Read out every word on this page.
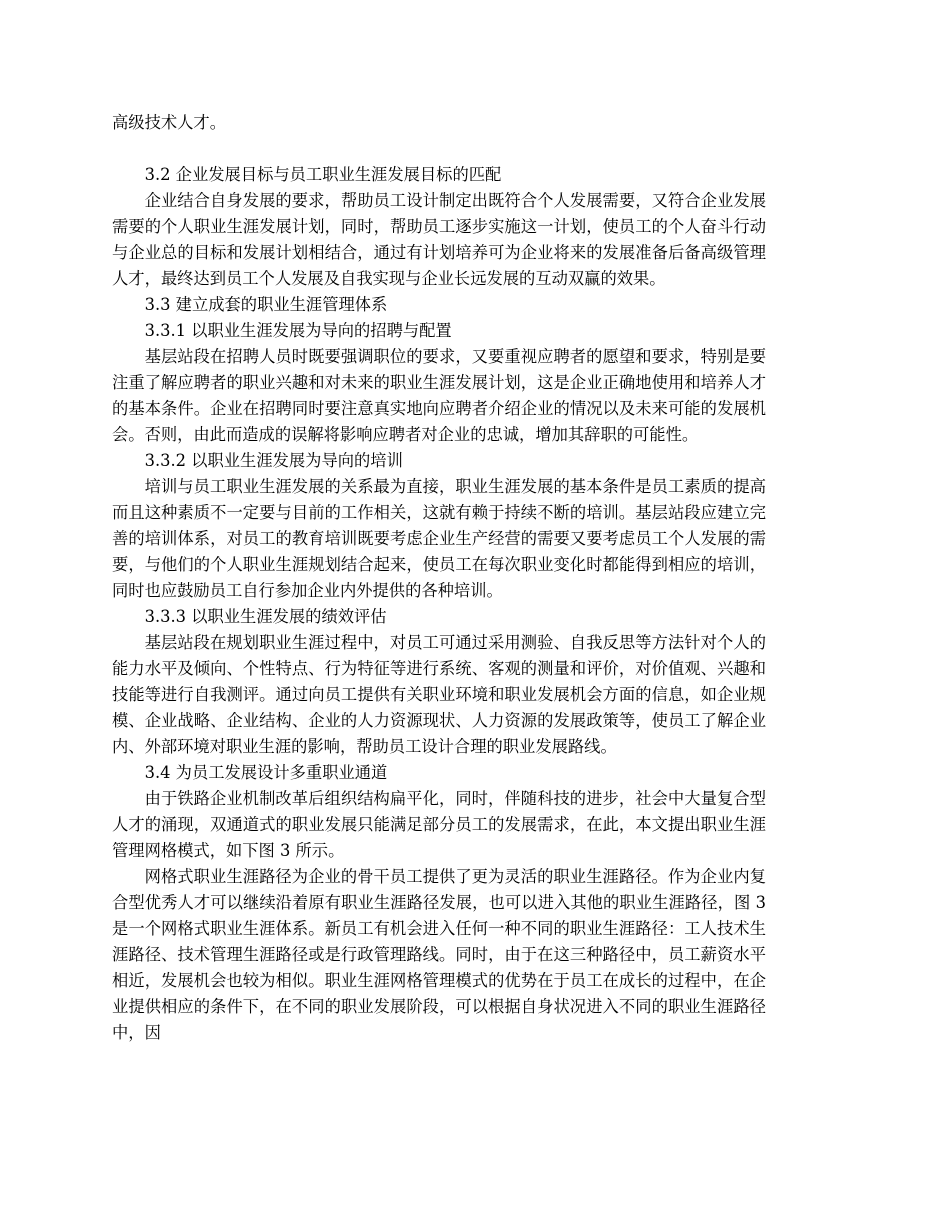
高级技术人才。

3.2 企业发展目标与员工职业生涯发展目标的匹配

企业结合自身发展的要求，帮助员工设计制定出既符合个人发展需要，又符合企业发展需要的个人职业生涯发展计划，同时，帮助员工逐步实施这一计划，使员工的个人奋斗行动与企业总的目标和发展计划相结合，通过有计划培养可为企业将来的发展准备后备高级管理人才，最终达到员工个人发展及自我实现与企业长远发展的互动双赢的效果。

3.3 建立成套的职业生涯管理体系

3.3.1 以职业生涯发展为导向的招聘与配置

基层站段在招聘人员时既要强调职位的要求，又要重视应聘者的愿望和要求，特别是要注重了解应聘者的职业兴趣和对未来的职业生涯发展计划，这是企业正确地使用和培养人才的基本条件。企业在招聘同时要注意真实地向应聘者介绍企业的情况以及未来可能的发展机会。否则，由此而造成的误解将影响应聘者对企业的忠诚，增加其辞职的可能性。

3.3.2 以职业生涯发展为导向的培训

培训与员工职业生涯发展的关系最为直接，职业生涯发展的基本条件是员工素质的提高而且这种素质不一定要与目前的工作相关，这就有赖于持续不断的培训。基层站段应建立完善的培训体系，对员工的教育培训既要考虑企业生产经营的需要又要考虑员工个人发展的需要，与他们的个人职业生涯规划结合起来，使员工在每次职业变化时都能得到相应的培训，同时也应鼓励员工自行参加企业内外提供的各种培训。

3.3.3 以职业生涯发展的绩效评估

基层站段在规划职业生涯过程中，对员工可通过采用测验、自我反思等方法针对个人的能力水平及倾向、个性特点、行为特征等进行系统、客观的测量和评价，对价值观、兴趣和技能等进行自我测评。通过向员工提供有关职业环境和职业发展机会方面的信息，如企业规模、企业战略、企业结构、企业的人力资源现状、人力资源的发展政策等，使员工了解企业内、外部环境对职业生涯的影响，帮助员工设计合理的职业发展路线。

3.4 为员工发展设计多重职业通道

由于铁路企业机制改革后组织结构扁平化，同时，伴随科技的进步，社会中大量复合型人才的涌现，双通道式的职业发展只能满足部分员工的发展需求，在此，本文提出职业生涯管理网格模式，如下图 3 所示。

网格式职业生涯路径为企业的骨干员工提供了更为灵活的职业生涯路径。作为企业内复合型优秀人才可以继续沿着原有职业生涯路径发展，也可以进入其他的职业生涯路径，图 3 是一个网格式职业生涯体系。新员工有机会进入任何一种不同的职业生涯路径：工人技术生涯路径、技术管理生涯路径或是行政管理路线。同时，由于在这三种路径中，员工薪资水平相近，发展机会也较为相似。职业生涯网格管理模式的优势在于员工在成长的过程中，在企业提供相应的条件下，在不同的职业发展阶段，可以根据自身状况进入不同的职业生涯路径中，因
